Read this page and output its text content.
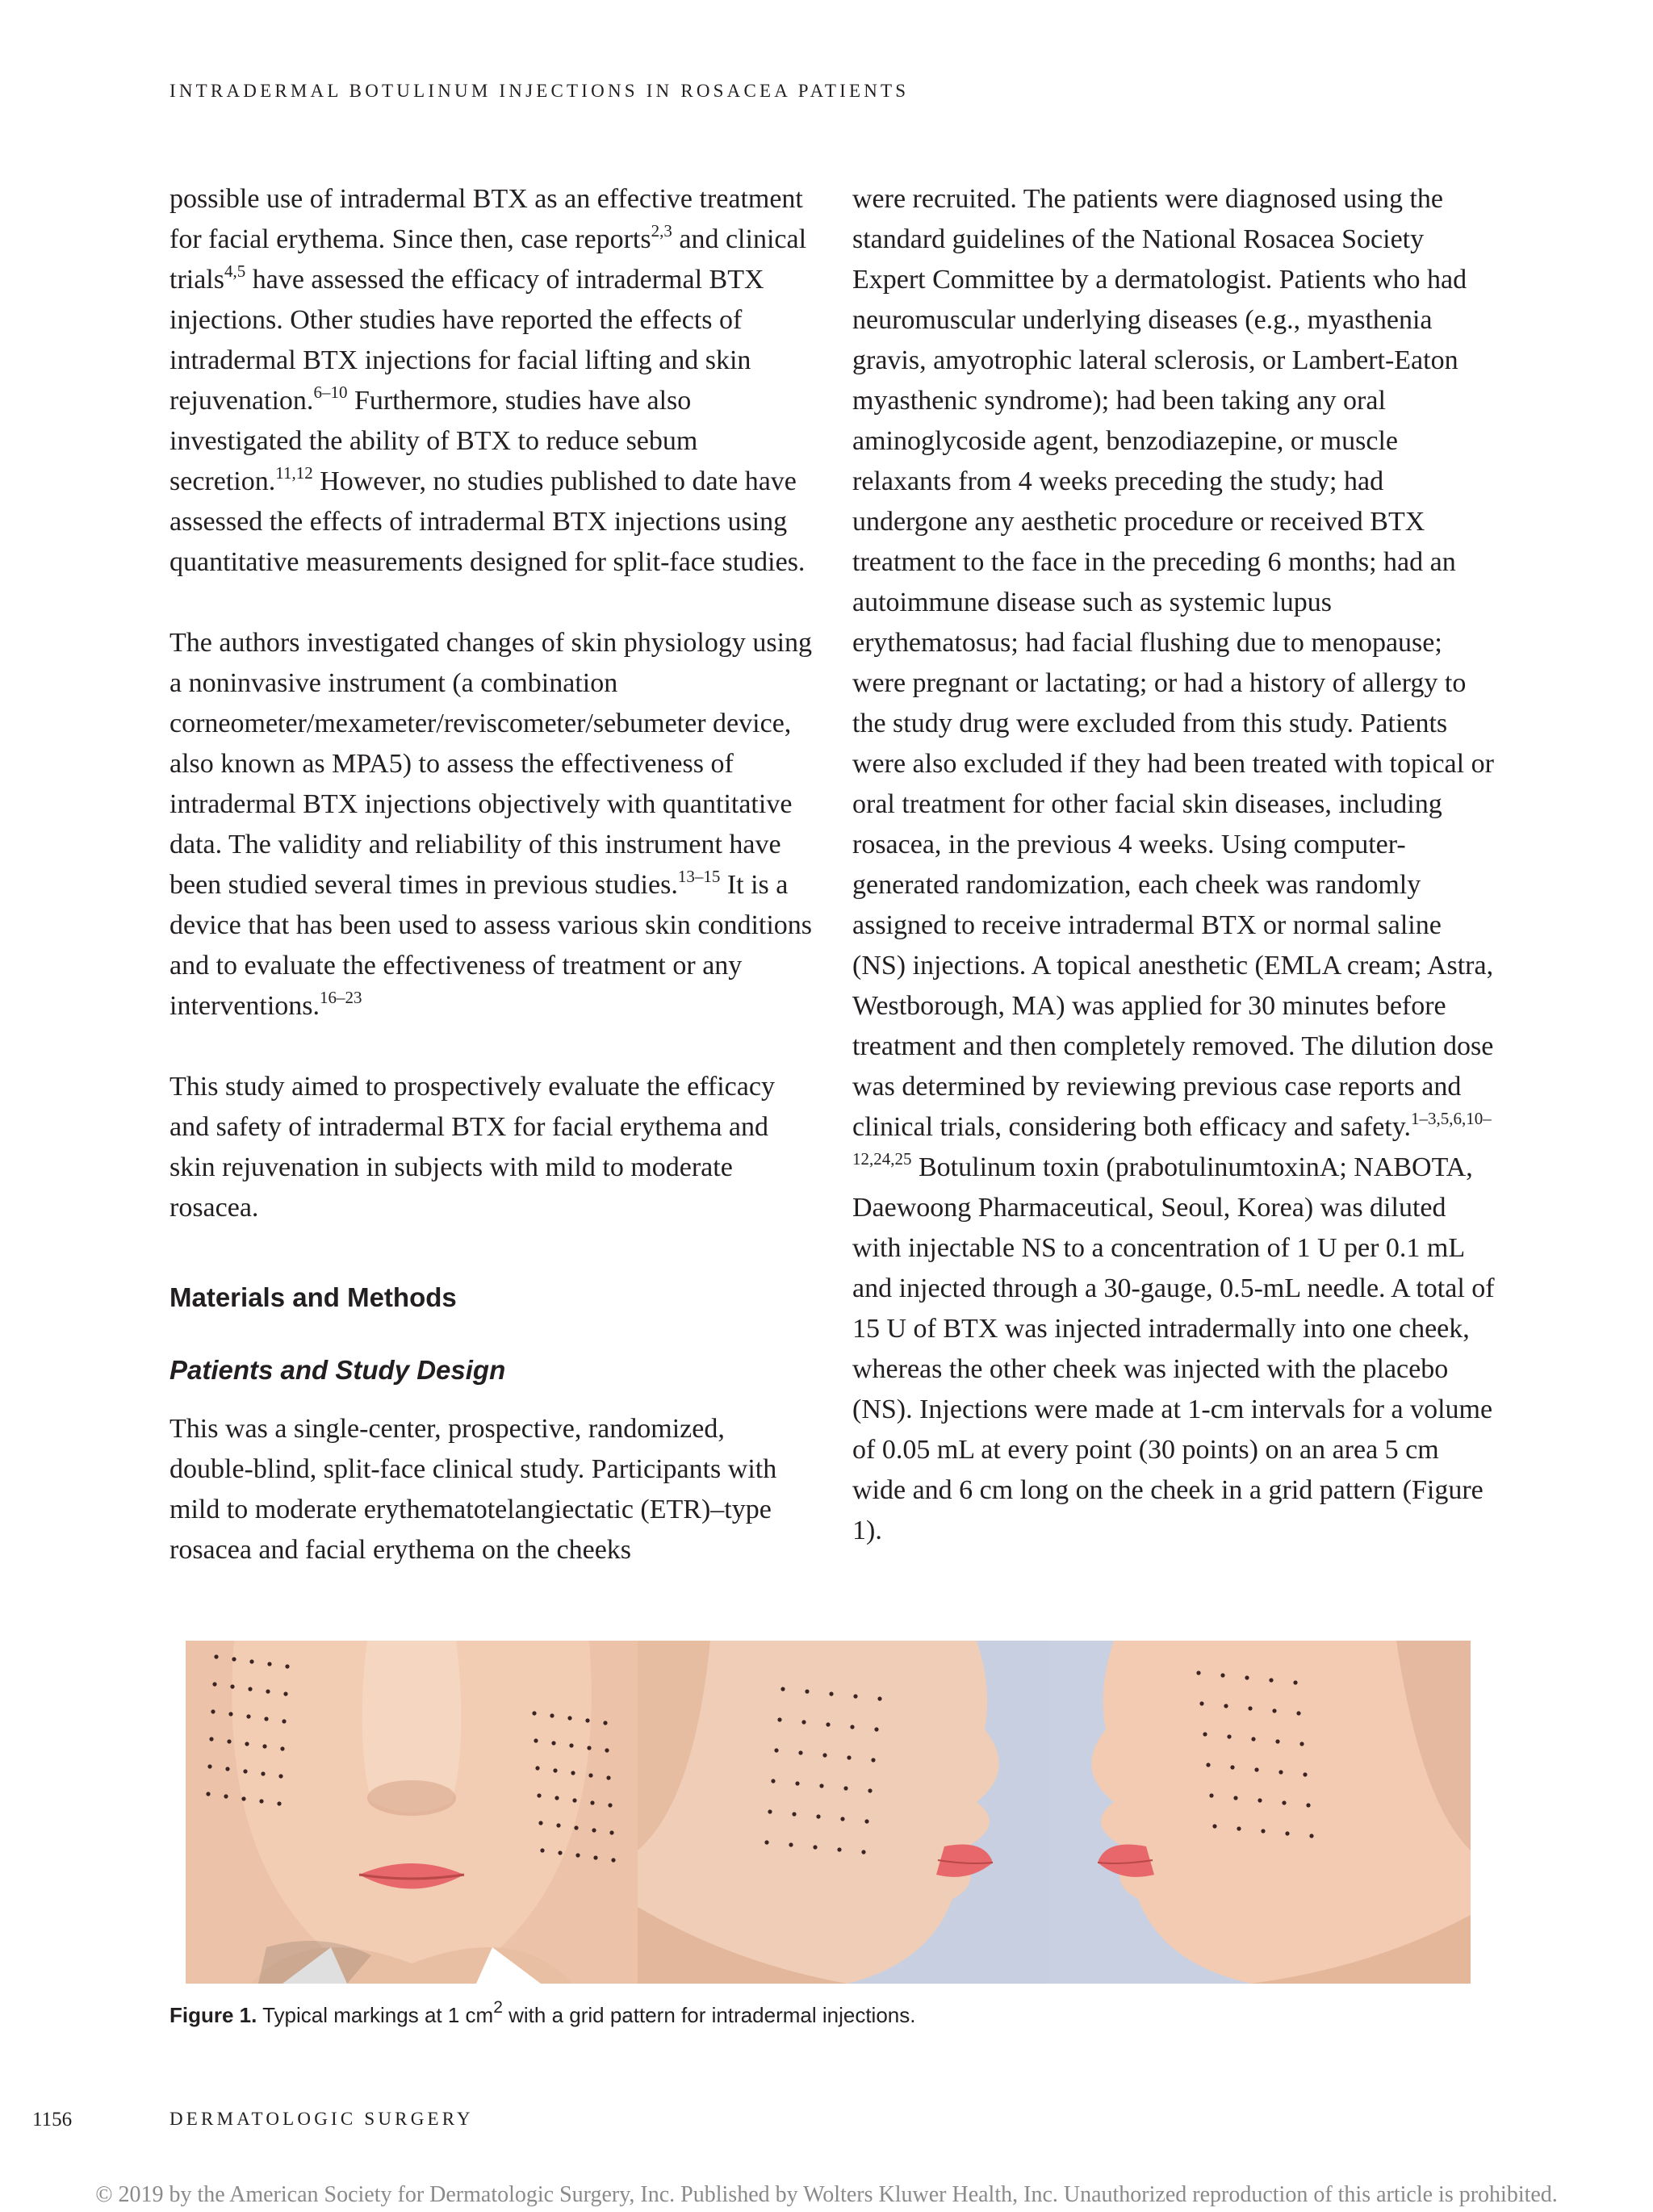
INTRADERMAL BOTULINUM INJECTIONS IN ROSACEA PATIENTS

possible use of intradermal BTX as an effective treatment for facial erythema. Since then, case reports$^{2,3}$ and clinical trials$^{4,5}$ have assessed the efficacy of intradermal BTX injections. Other studies have reported the effects of intradermal BTX injections for facial lifting and skin rejuvenation.$^{6-10}$ Furthermore, studies have also investigated the ability of BTX to reduce sebum secretion.$^{11,12}$ However, no studies published to date have assessed the effects of intradermal BTX injections using quantitative measurements designed for split-face studies.

The authors investigated changes of skin physiology using a noninvasive instrument (a combination corneometer/mexameter/reviscometer/sebumeter device, also known as MPA5) to assess the effectiveness of intradermal BTX injections objectively with quantitative data. The validity and reliability of this instrument have been studied several times in previous studies.$^{13-15}$ It is a device that has been used to assess various skin conditions and to evaluate the effectiveness of treatment or any interventions.$^{16-23}$

This study aimed to prospectively evaluate the efficacy and safety of intradermal BTX for facial erythema and skin rejuvenation in subjects with mild to moderate rosacea.

Materials and Methods
Patients and Study Design

This was a single-center, prospective, randomized, double-blind, split-face clinical study. Participants with mild to moderate erythematotelangiectatic (ETR)–type rosacea and facial erythema on the cheeks

were recruited. The patients were diagnosed using the standard guidelines of the National Rosacea Society Expert Committee by a dermatologist. Patients who had neuromuscular underlying diseases (e.g., myasthenia gravis, amyotrophic lateral sclerosis, or Lambert-Eaton myasthenic syndrome); had been taking any oral aminoglycoside agent, benzodiazepine, or muscle relaxants from 4 weeks preceding the study; had undergone any aesthetic procedure or received BTX treatment to the face in the preceding 6 months; had an autoimmune disease such as systemic lupus erythematosus; had facial flushing due to menopause; were pregnant or lactating; or had a history of allergy to the study drug were excluded from this study. Patients were also excluded if they had been treated with topical or oral treatment for other facial skin diseases, including rosacea, in the previous 4 weeks. Using computer-generated randomization, each cheek was randomly assigned to receive intradermal BTX or normal saline (NS) injections. A topical anesthetic (EMLA cream; Astra, Westborough, MA) was applied for 30 minutes before treatment and then completely removed. The dilution dose was determined by reviewing previous case reports and clinical trials, considering both efficacy and safety.$^{1-3,5,6,10-12,24,25}$ Botulinum toxin (prabotulinumtoxinA; NABOTA, Daewoong Pharmaceutical, Seoul, Korea) was diluted with injectable NS to a concentration of 1 U per 0.1 mL and injected through a 30-gauge, 0.5-mL needle. A total of 15 U of BTX was injected intradermally into one cheek, whereas the other cheek was injected with the placebo (NS). Injections were made at 1-cm intervals for a volume of 0.05 mL at every point (30 points) on an area 5 cm wide and 6 cm long on the cheek in a grid pattern (Figure 1).

Figure 1. Typical markings at 1 $cm^2$ with a grid pattern for intradermal injections.
1156	DERMATOLOGIC SURGERY
© 2019 by the American Society for Dermatologic Surgery, Inc. Published by Wolters Kluwer Health, Inc. Unauthorized reproduction of this article is prohibited.
